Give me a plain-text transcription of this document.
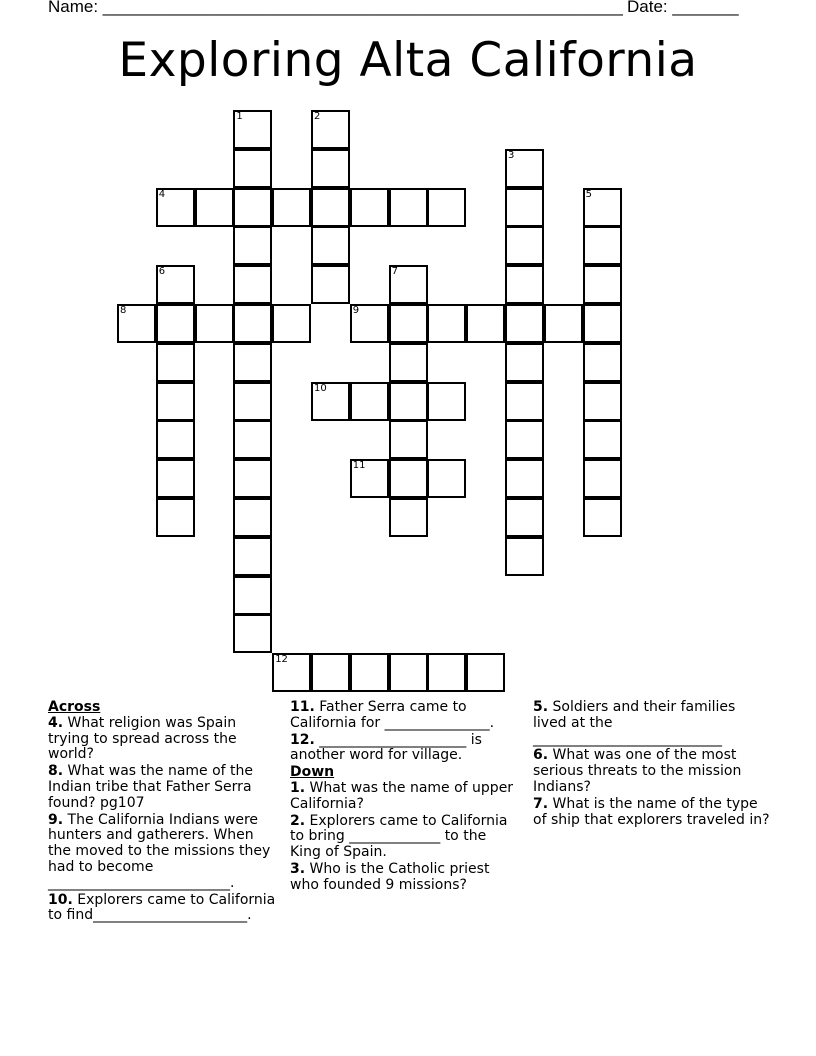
Name: _______________________________________________________ Date: _______
Exploring Alta California
1	2
3
4	5
6	7
8	9
10
11
12
Across
4. What religion was Spain trying to spread across the world?
8. What was the name of the Indian tribe that Father Serra found? pg107
9. The California Indians were hunters and gatherers. When the moved to the missions they had to become __________________________.
10. Explorers came to California to find______________________.
11. Father Serra came to California for _______________.
12. _____________________ is another word for village.
Down
1. What was the name of upper California?
2. Explorers came to California to bring _____________ to the King of Spain.
3. Who is the Catholic priest who founded 9 missions?
5. Soldiers and their families lived at the ___________________________
6. What was one of the most serious threats to the mission Indians?
7. What is the name of the type of ship that explorers traveled in?
